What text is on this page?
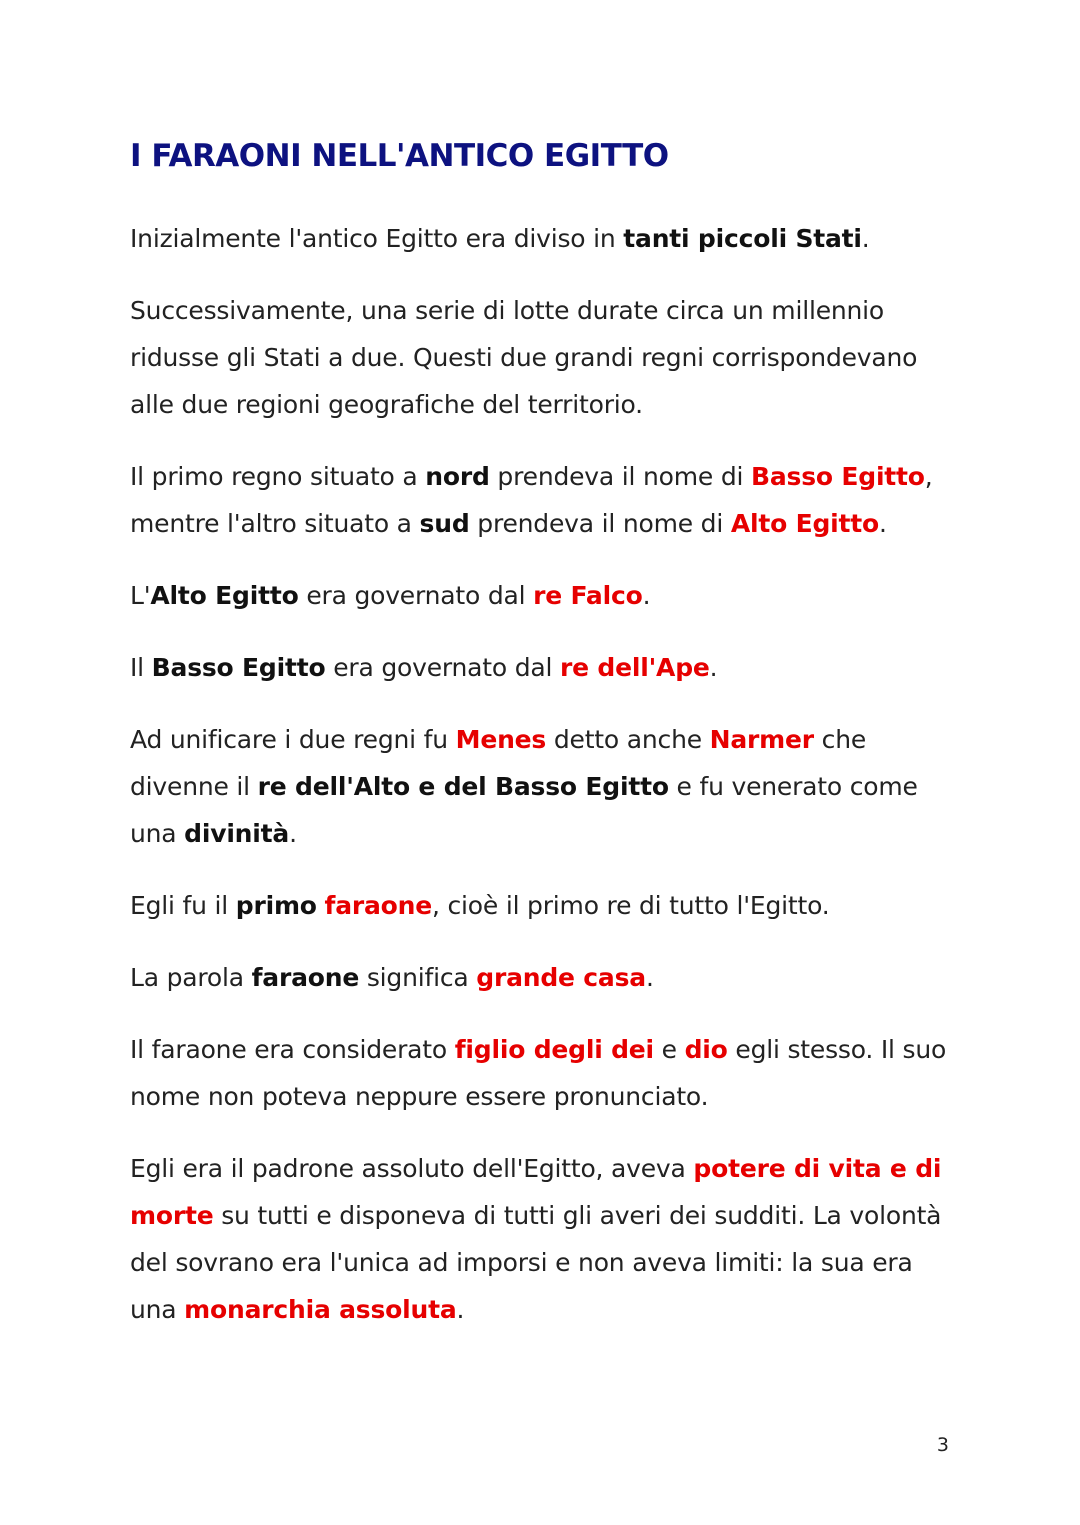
I FARAONI NELL'ANTICO EGITTO

Inizialmente l'antico Egitto era diviso in tanti piccoli Stati.

Successivamente, una serie di lotte durate circa un millennio ridusse gli Stati a due. Questi due grandi regni corrispondevano alle due regioni geografiche del territorio.

Il primo regno situato a nord prendeva il nome di Basso Egitto, mentre l'altro situato a sud prendeva il nome di Alto Egitto.

L'Alto Egitto era governato dal re Falco.

Il Basso Egitto era governato dal re dell'Ape.

Ad unificare i due regni fu Menes detto anche Narmer che divenne il re dell'Alto e del Basso Egitto e fu venerato come una divinità.

Egli fu il primo faraone, cioè il primo re di tutto l'Egitto.

La parola faraone significa grande casa.

Il faraone era considerato figlio degli dei e dio egli stesso. Il suo nome non poteva neppure essere pronunciato.

Egli era il padrone assoluto dell'Egitto, aveva potere di vita e di morte su tutti e disponeva di tutti gli averi dei sudditi. La volontà del sovrano era l'unica ad imporsi e non aveva limiti: la sua era una monarchia assoluta.

3
